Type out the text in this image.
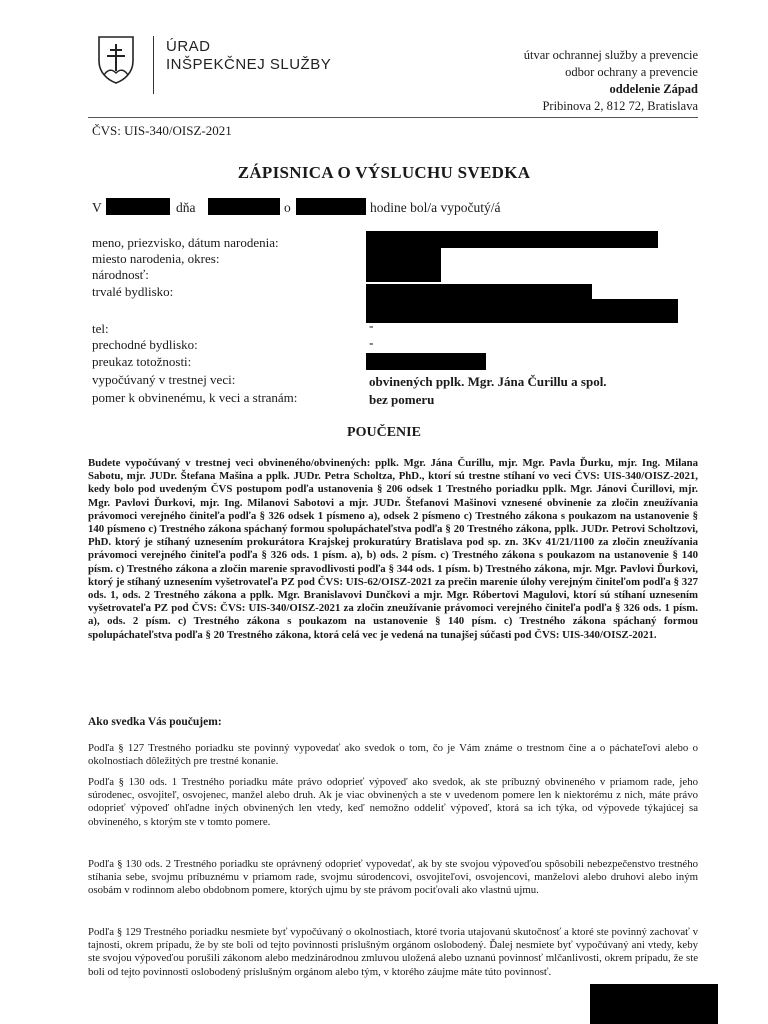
ÚRAD
INŠPEKČNEJ SLUŽBY
útvar ochrannej služby a prevencie
odbor ochrany a prevencie
oddelenie Západ
Pribinova 2, 812 72, Bratislava
ČVS: UIS-340/OISZ-2021
ZÁPISNICA O VÝSLUCHU SVEDKA
V	dňa	o	hodine bol/a vypočutý/á
meno, priezvisko, dátum narodenia:
miesto narodenia, okres:
národnosť:
trvalé bydlisko:
tel:	-
prechodné bydlisko:	-
preukaz totožnosti:
vypočúvaný v trestnej veci:	obvinených pplk. Mgr. Jána Čurillu a spol.
pomer k obvinenému, k veci a stranám:	bez pomeru
POUČENIE
Budete vypočúvaný v trestnej veci obvineného/obvinených: pplk. Mgr. Jána Čurillu, mjr. Mgr. Pavla Ďurku, mjr. Ing. Milana Sabotu, mjr. JUDr. Štefana Mašina a pplk. JUDr. Petra Scholtza, PhD., ktorí sú trestne stíhaní vo veci ČVS: UIS-340/OISZ-2021, kedy bolo pod uvedeným ČVS postupom podľa ustanovenia § 206 odsek 1 Trestného poriadku pplk. Mgr. Jánovi Čurillovi, mjr. Mgr. Pavlovi Ďurkovi, mjr. Ing. Milanovi Sabotovi a mjr. JUDr. Štefanovi Mašinovi vznesené obvinenie za zločin zneužívania právomoci verejného činiteľa podľa § 326 odsek 1 písmeno a), odsek 2 písmeno c) Trestného zákona s poukazom na ustanovenie § 140 písmeno c) Trestného zákona spáchaný formou spolupáchateľstva podľa § 20 Trestného zákona, pplk. JUDr. Petrovi Scholtzovi, PhD. ktorý je stíhaný uznesením prokurátora Krajskej prokuratúry Bratislava pod sp. zn. 3Kv 41/21/1100 za zločin zneužívania právomoci verejného činiteľa podľa § 326 ods. 1 písm. a), b) ods. 2 písm. c) Trestného zákona s poukazom na ustanovenie § 140 písm. c) Trestného zákona a zločin marenie spravodlivosti podľa § 344 ods. 1 písm. b) Trestného zákona, mjr. Mgr. Pavlovi Ďurkovi, ktorý je stíhaný uznesením vyšetrovateľa PZ pod ČVS: UIS-62/OISZ-2021 za prečin marenie úlohy verejným činiteľom podľa § 327 ods. 1, ods. 2 Trestného zákona a pplk. Mgr. Branislavovi Dunčkovi a mjr. Mgr. Róbertovi Magulovi, ktorí sú stíhaní uznesením vyšetrovateľa PZ pod ČVS: ČVS: UIS-340/OISZ-2021 za zločin zneužívanie právomoci verejného činiteľa podľa § 326 ods. 1 písm. a), ods. 2 písm. c) Trestného zákona s poukazom na ustanovenie § 140 písm. c) Trestného zákona spáchaný formou spolupáchateľstva podľa § 20 Trestného zákona, ktorá celá vec je vedená na tunajšej súčasti pod ČVS: UIS-340/OISZ-2021.
Ako svedka Vás poučujem:
Podľa § 127 Trestného poriadku ste povinný vypovedať ako svedok o tom, čo je Vám známe o trestnom čine a o páchateľovi alebo o okolnostiach dôležitých pre trestné konanie.
Podľa § 130 ods. 1 Trestného poriadku máte právo odoprieť výpoveď ako svedok, ak ste príbuzný obvineného v priamom rade, jeho súrodenec, osvojiteľ, osvojenec, manžel alebo druh. Ak je viac obvinených a ste v uvedenom pomere len k niektorému z nich, máte právo odoprieť výpoveď ohľadne iných obvinených len vtedy, keď nemožno oddeliť výpoveď, ktorá sa ich týka, od výpovede týkajúcej sa obvineného, s ktorým ste v tomto pomere.
Podľa § 130 ods. 2 Trestného poriadku ste oprávnený odoprieť vypovedať, ak by ste svojou výpoveďou spôsobili nebezpečenstvo trestného stíhania sebe, svojmu príbuznému v priamom rade, svojmu súrodencovi, osvojiteľovi, osvojencovi, manželovi alebo druhovi alebo iným osobám v rodinnom alebo obdobnom pomere, ktorých ujmu by ste právom pociťovali ako vlastnú ujmu.
Podľa § 129 Trestného poriadku nesmiete byť vypočúvaný o okolnostiach, ktoré tvoria utajovanú skutočnosť a ktoré ste povinný zachovať v tajnosti, okrem prípadu, že by ste boli od tejto povinnosti príslušným orgánom oslobodený. Ďalej nesmiete byť vypočúvaný ani vtedy, keby ste svojou výpoveďou porušili zákonom alebo medzinárodnou zmluvou uložená alebo uznanú povinnosť mlčanlivosti, okrem prípadu, že ste boli od tejto povinnosti oslobodený príslušným orgánom alebo tým, v ktorého záujme máte túto povinnosť.
